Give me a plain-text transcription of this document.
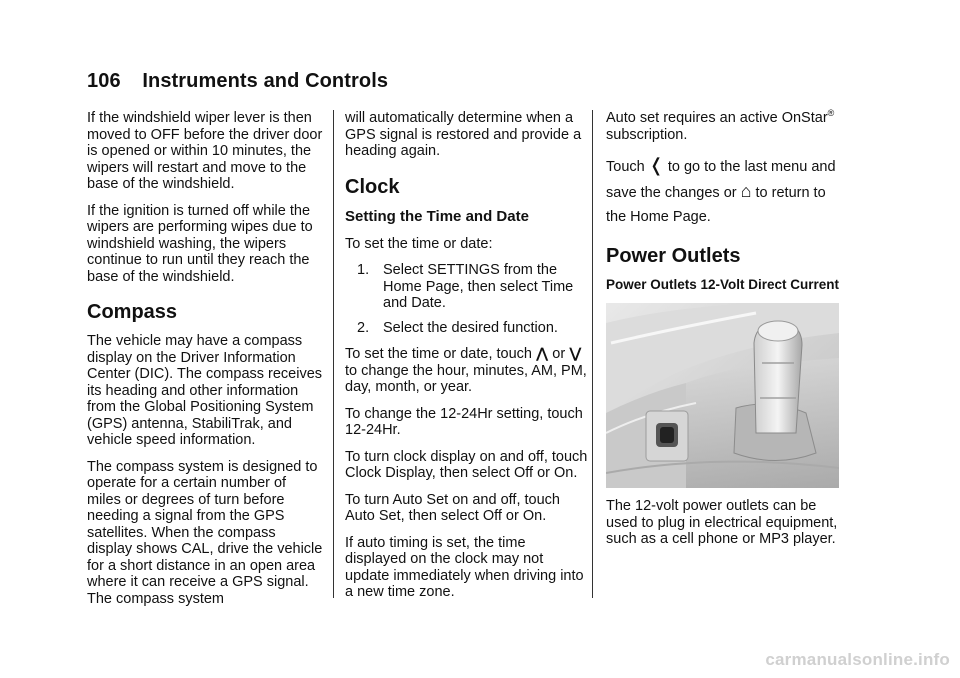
106 Instruments and Controls

If the windshield wiper lever is then moved to OFF before the driver door is opened or within 10 minutes, the wipers will restart and move to the base of the windshield.

If the ignition is turned off while the wipers are performing wipes due to windshield washing, the wipers continue to run until they reach the base of the windshield.

Compass

The vehicle may have a compass display on the Driver Information Center (DIC). The compass receives its heading and other information from the Global Positioning System (GPS) antenna, StabiliTrak, and vehicle speed information.

The compass system is designed to operate for a certain number of miles or degrees of turn before needing a signal from the GPS satellites. When the compass display shows CAL, drive the vehicle for a short distance in an open area where it can receive a GPS signal. The compass system

will automatically determine when a GPS signal is restored and provide a heading again.

Clock
Setting the Time and Date

To set the time or date:

1. Select SETTINGS from the Home Page, then select Time and Date.
2. Select the desired function.

To set the time or date, touch ⋀ or ⋁ to change the hour, minutes, AM, PM, day, month, or year.

To change the 12-24Hr setting, touch 12-24Hr.

To turn clock display on and off, touch Clock Display, then select Off or On.

To turn Auto Set on and off, touch Auto Set, then select Off or On.

If auto timing is set, the time displayed on the clock may not update immediately when driving into a new time zone.

Auto set requires an active OnStar® subscription.

Touch ❬ to go to the last menu and save the changes or ⌂ to return to the Home Page.

Power Outlets
Power Outlets 12-Volt Direct Current

The 12-volt power outlets can be used to plug in electrical equipment, such as a cell phone or MP3 player.

carmanualsonline.info
